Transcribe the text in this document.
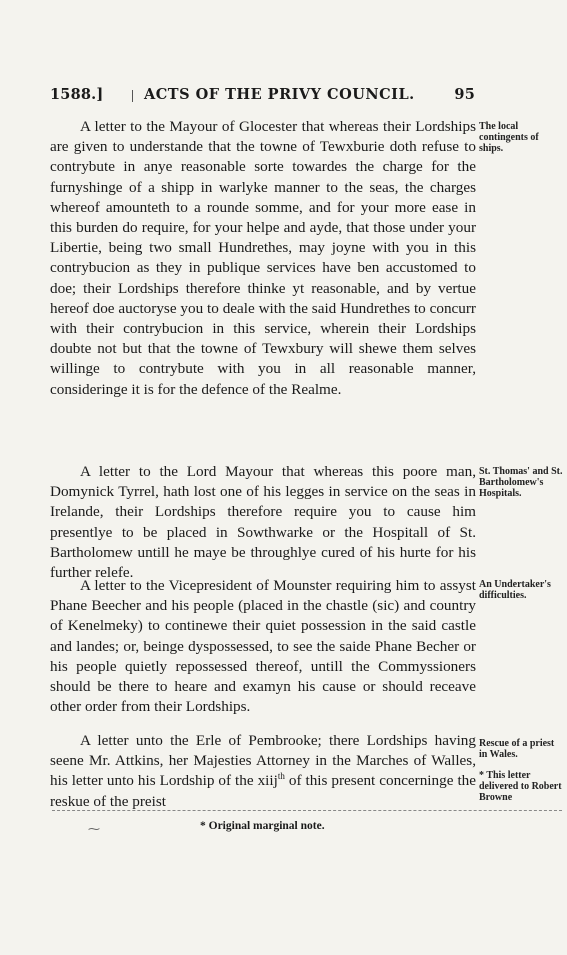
1588.]	ACTS OF THE PRIVY COUNCIL.	95

A letter to the Mayour of Glocester that whereas their Lordships are given to understande that the towne of Tewxburie doth refuse to contrybute in anye reasonable sorte towardes the charge for the furnyshinge of a shipp in warlyke manner to the seas, the charges whereof amounteth to a rounde somme, and for your more ease in this burden do require, for your helpe and ayde, that those under your Libertie, being two small Hundrethes, may joyne with you in this contrybucion as they in publique services have ben accustomed to doe; their Lordships therefore thinke yt reasonable, and by vertue hereof doe auctoryse you to deale with the said Hundrethes to concurr with their contrybucion in this service, wherein their Lordships doubte not but that the towne of Tewxbury will shewe them selves willinge to contrybute with you in all reasonable manner, consideringe it is for the defence of the Realme.

The local contingents of ships.

A letter to the Lord Mayour that whereas this poore man, Domynick Tyrrel, hath lost one of his legges in service on the seas in Irelande, their Lordships therefore require you to cause him presentlye to be placed in Sowthwarke or the Hospitall of St. Bartholomew untill he maye be throughlye cured of his hurte for his further relefe.

St. Thomas' and St. Bartholomew's Hospitals.

A letter to the Vicepresident of Mounster requiring him to assyst Phane Beecher and his people (placed in the chastle (sic) and country of Kenelmeky) to continewe their quiet possession in the said castle and landes; or, beinge dyspossessed, to see the saide Phane Becher or his people quietly repossessed thereof, untill the Commyssioners should be there to heare and examyn his cause or should receave other order from their Lordships.

An Undertaker's difficulties.

A letter unto the Erle of Pembrooke; there Lordships having seene Mr. Attkins, her Majesties Attorney in the Marches of Walles, his letter unto his Lordship of the xiij$^{th}$ of this present concerninge the reskue of the preist

Rescue of a priest in Wales.
* This letter delivered to Robert Browne
⁓	* Original marginal note.
